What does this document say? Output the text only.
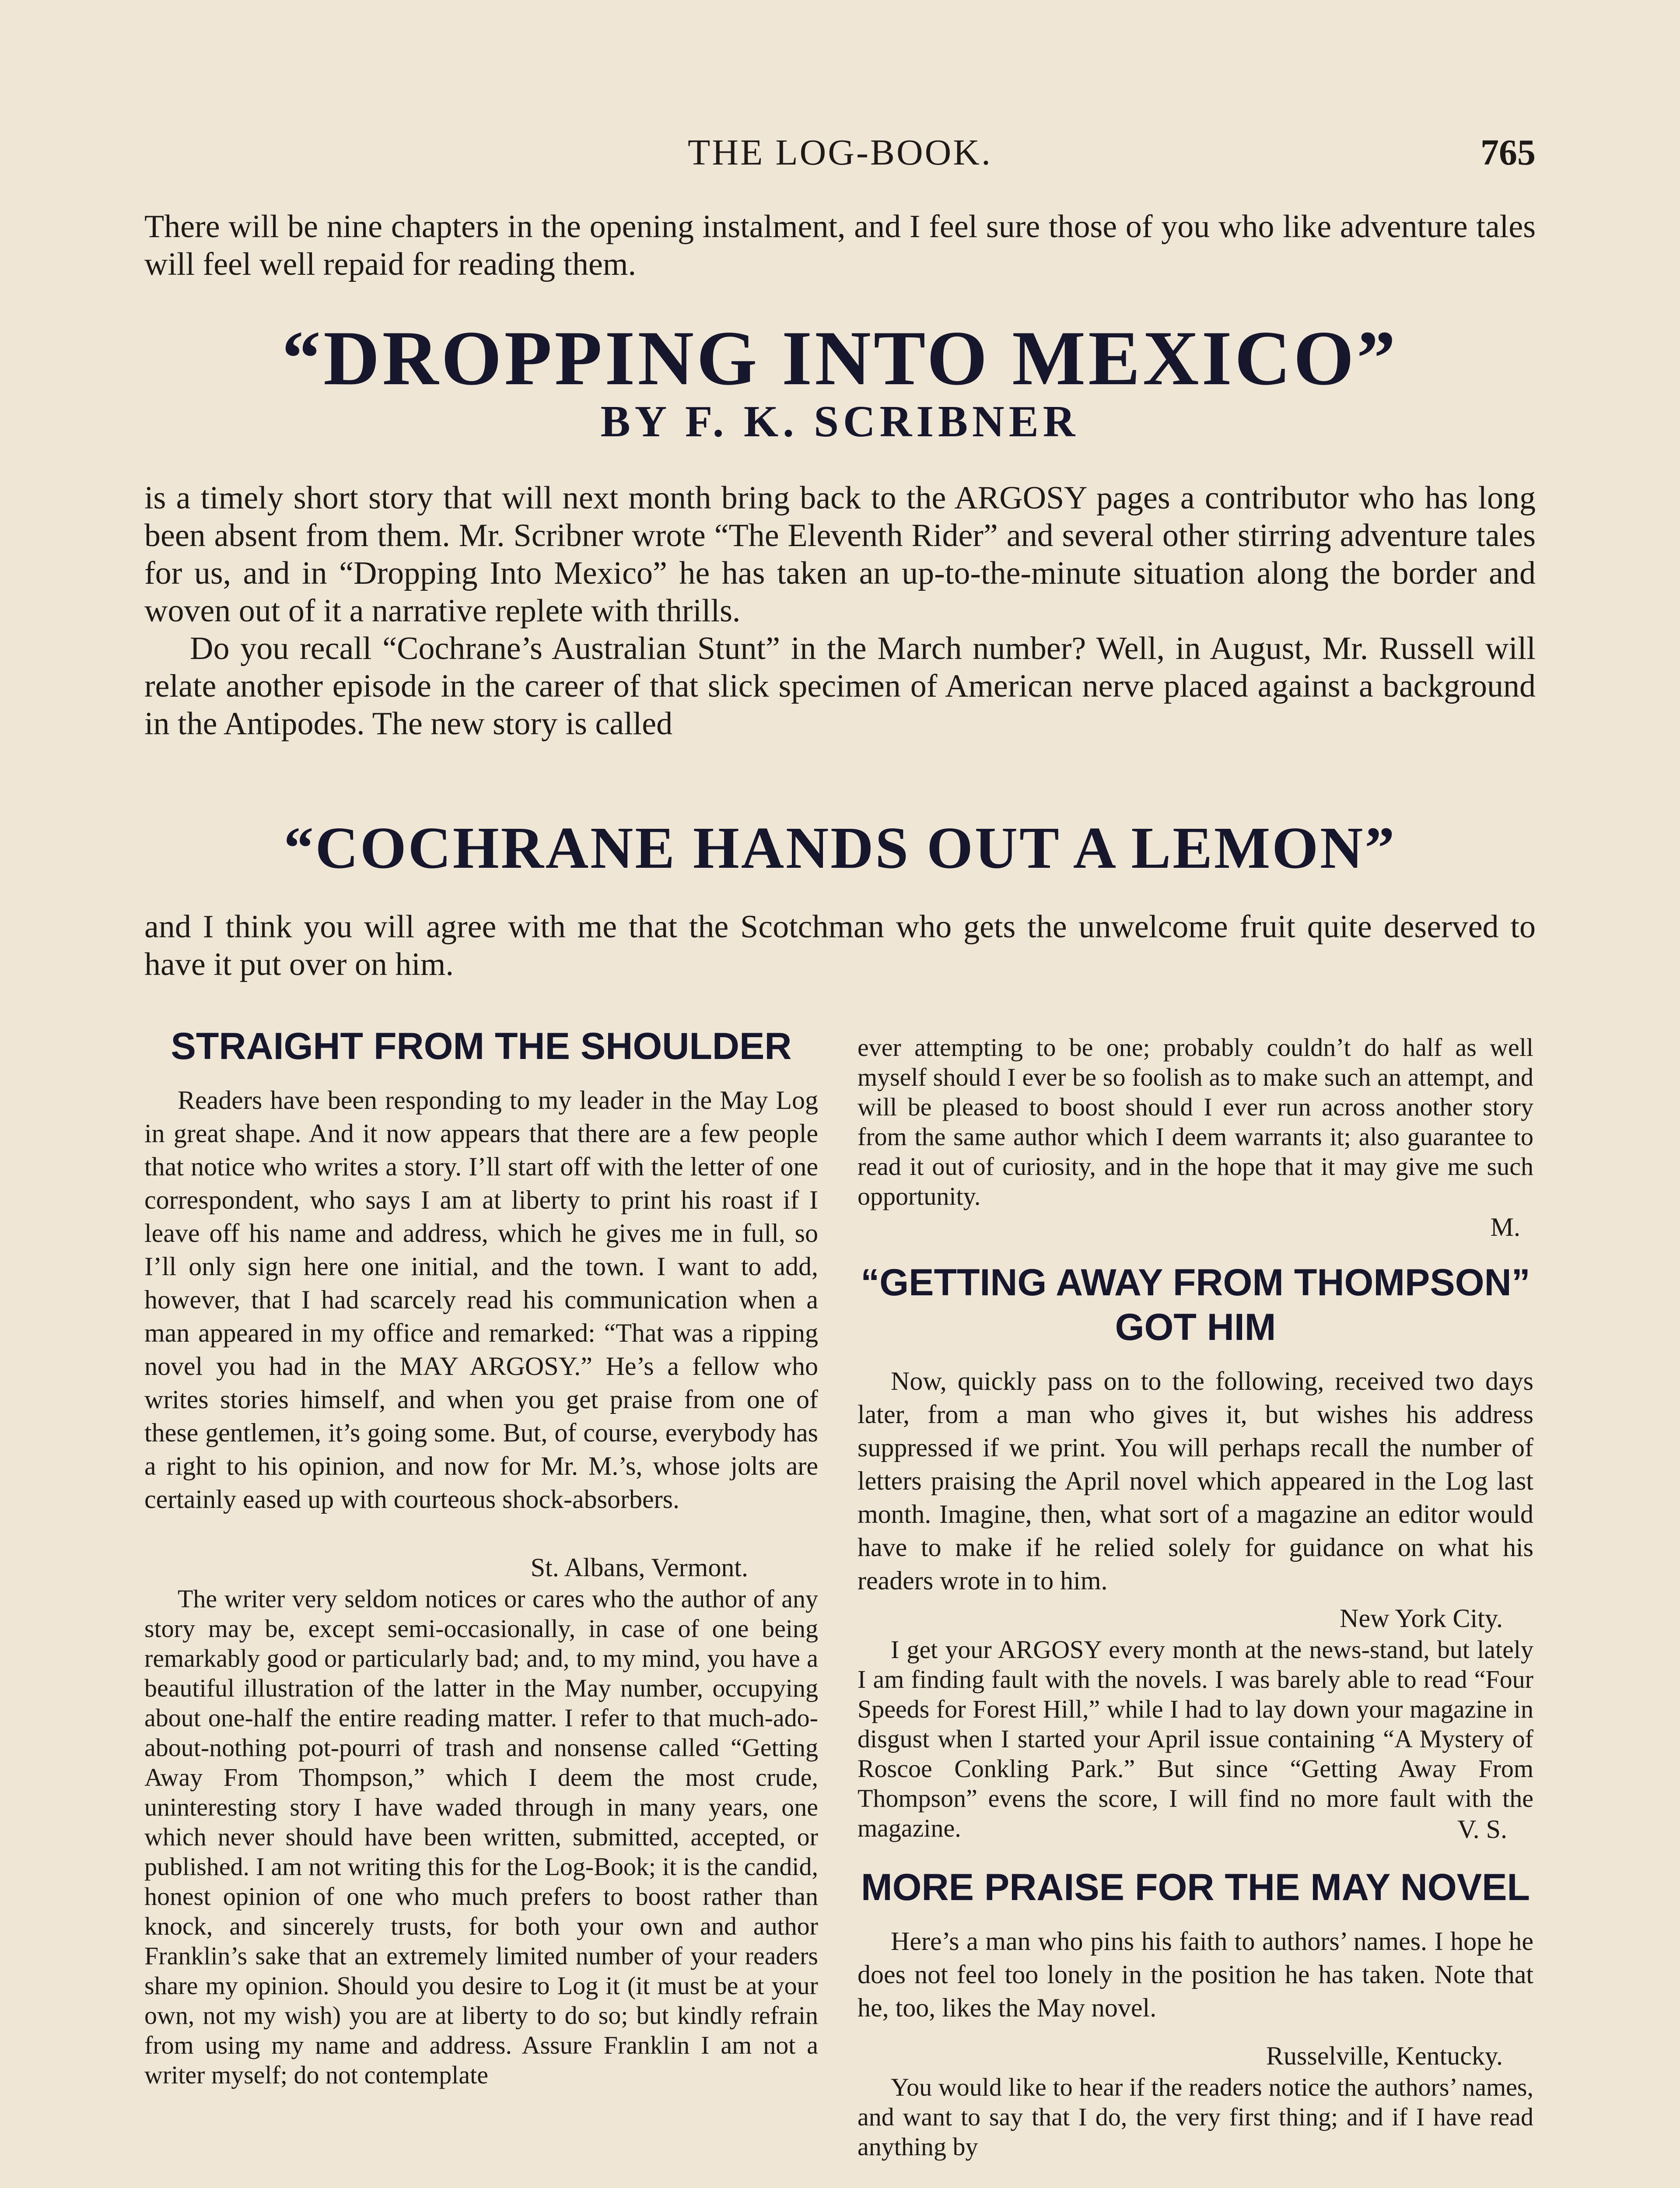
THE LOG-BOOK.	765

There will be nine chapters in the opening instalment, and I feel sure those of you who like adventure tales will feel well repaid for reading them.

“DROPPING INTO MEXICO”
BY F. K. SCRIBNER

is a timely short story that will next month bring back to the ARGOSY pages a contributor who has long been absent from them. Mr. Scribner wrote “The Eleventh Rider” and several other stirring adventure tales for us, and in “Dropping Into Mexico” he has taken an up-to-the-minute situation along the border and woven out of it a narrative replete with thrills.

Do you recall “Cochrane’s Australian Stunt” in the March number? Well, in August, Mr. Russell will relate another episode in the career of that slick specimen of American nerve placed against a background in the Antipodes. The new story is called

“COCHRANE HANDS OUT A LEMON”

and I think you will agree with me that the Scotchman who gets the unwelcome fruit quite deserved to have it put over on him.

STRAIGHT FROM THE SHOULDER

Readers have been responding to my leader in the May Log in great shape. And it now appears that there are a few people that notice who writes a story. I’ll start off with the letter of one correspondent, who says I am at liberty to print his roast if I leave off his name and address, which he gives me in full, so I’ll only sign here one initial, and the town. I want to add, however, that I had scarcely read his communication when a man appeared in my office and remarked: “That was a ripping novel you had in the MAY ARGOSY.” He’s a fellow who writes stories himself, and when you get praise from one of these gentlemen, it’s going some. But, of course, everybody has a right to his opinion, and now for Mr. M.’s, whose jolts are certainly eased up with courteous shock-absorbers.

St. Albans, Vermont.

The writer very seldom notices or cares who the author of any story may be, except semi-occasionally, in case of one being remarkably good or particularly bad; and, to my mind, you have a beautiful illustration of the latter in the May number, occupying about one-half the entire reading matter. I refer to that much-ado-about-nothing pot-pourri of trash and nonsense called “Getting Away From Thompson,” which I deem the most crude, uninteresting story I have waded through in many years, one which never should have been written, submitted, accepted, or published. I am not writing this for the Log-Book; it is the candid, honest opinion of one who much prefers to boost rather than knock, and sincerely trusts, for both your own and author Franklin’s sake that an extremely limited number of your readers share my opinion. Should you desire to Log it (it must be at your own, not my wish) you are at liberty to do so; but kindly refrain from using my name and address. Assure Franklin I am not a writer myself; do not contemplate

ever attempting to be one; probably couldn’t do half as well myself should I ever be so foolish as to make such an attempt, and will be pleased to boost should I ever run across another story from the same author which I deem warrants it; also guarantee to read it out of curiosity, and in the hope that it may give me such opportunity.

M.

“GETTING AWAY FROM THOMPSON” GOT HIM

Now, quickly pass on to the following, received two days later, from a man who gives it, but wishes his address suppressed if we print. You will perhaps recall the number of letters praising the April novel which appeared in the Log last month. Imagine, then, what sort of a magazine an editor would have to make if he relied solely for guidance on what his readers wrote in to him.

New York City.

I get your ARGOSY every month at the news-stand, but lately I am finding fault with the novels. I was barely able to read “Four Speeds for Forest Hill,” while I had to lay down your magazine in disgust when I started your April issue containing “A Mystery of Roscoe Conkling Park.” But since “Getting Away From Thompson” evens the score, I will find no more fault with the magazine.	V. S.

MORE PRAISE FOR THE MAY NOVEL

Here’s a man who pins his faith to authors’ names. I hope he does not feel too lonely in the position he has taken. Note that he, too, likes the May novel.

Russelville, Kentucky.

You would like to hear if the readers notice the authors’ names, and want to say that I do, the very first thing; and if I have read anything by
